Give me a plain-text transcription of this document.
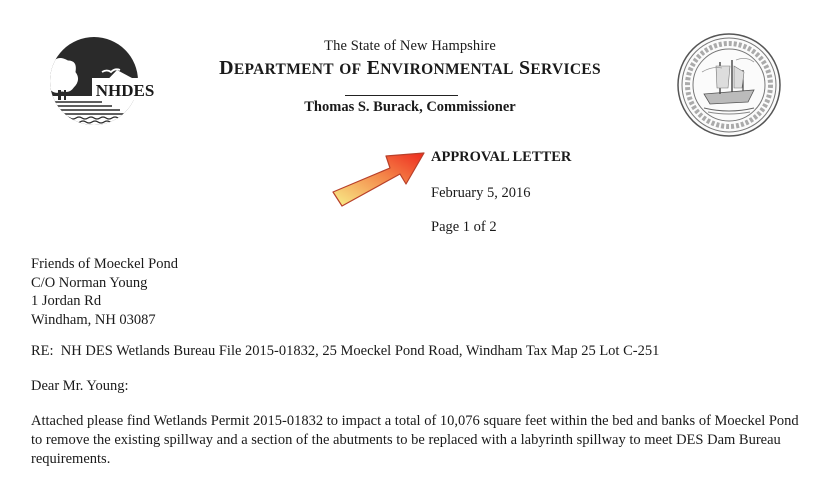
NHDES
The State of New Hampshire
DEPARTMENT OF ENVIRONMENTAL SERVICES
Thomas S. Burack, Commissioner
APPROVAL LETTER
February 5, 2016
Page 1 of 2
Friends of Moeckel Pond
C/O Norman Young
1 Jordan Rd
Windham, NH 03087
RE:  NH DES Wetlands Bureau File 2015-01832, 25 Moeckel Pond Road, Windham Tax Map 25 Lot C-251
Dear Mr. Young:
Attached please find Wetlands Permit 2015-01832 to impact a total of 10,076 square feet within the bed and banks of Moeckel Pond to remove the existing spillway and a section of the abutments to be replaced with a labyrinth spillway to meet DES Dam Bureau requirements.
